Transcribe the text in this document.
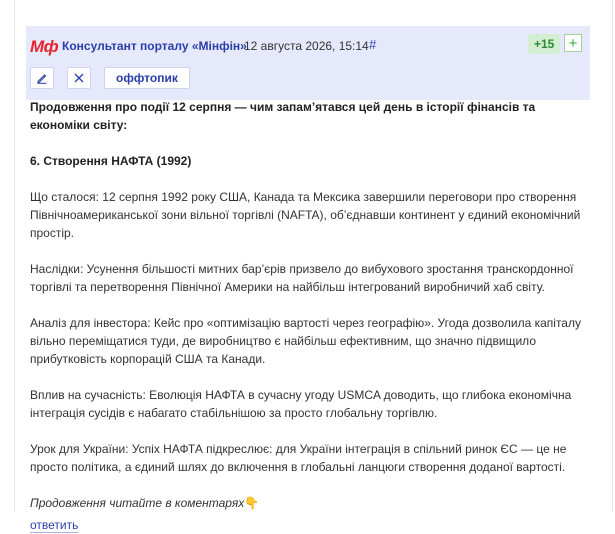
Мф Консультант порталу «Мінфін»
12 августа 2026, 15:14 #	+15 +
оффтопик

Продовження про події 12 серпня — чим запам’ятався цей день в історії фінансів та економіки світу:

6. Створення НАФТА (1992)

Що сталося: 12 серпня 1992 року США, Канада та Мексика завершили переговори про створення Північноамериканської зони вільної торгівлі (NAFTA), об’єднавши континент у єдиний економічний простір.

Наслідки: Усунення більшості митних бар’єрів призвело до вибухового зростання транскордонної торгівлі та перетворення Північної Америки на найбільш інтегрований виробничий хаб світу.

Аналіз для інвестора: Кейс про «оптимізацію вартості через географію». Угода дозволила капіталу вільно переміщатися туди, де виробництво є найбільш ефективним, що значно підвищило прибутковість корпорацій США та Канади.

Вплив на сучасність: Еволюція НАФТА в сучасну угоду USMCA доводить, що глибока економічна інтеграція сусідів є набагато стабільнішою за просто глобальну торгівлю.

Урок для України: Успіх НАФТА підкреслює: для України інтеграція в спільний ринок ЄС — це не просто політика, а єдиний шлях до включення в глобальні ланцюги створення доданої вартості.

Продовження читайте в коментарях👇

ответить
